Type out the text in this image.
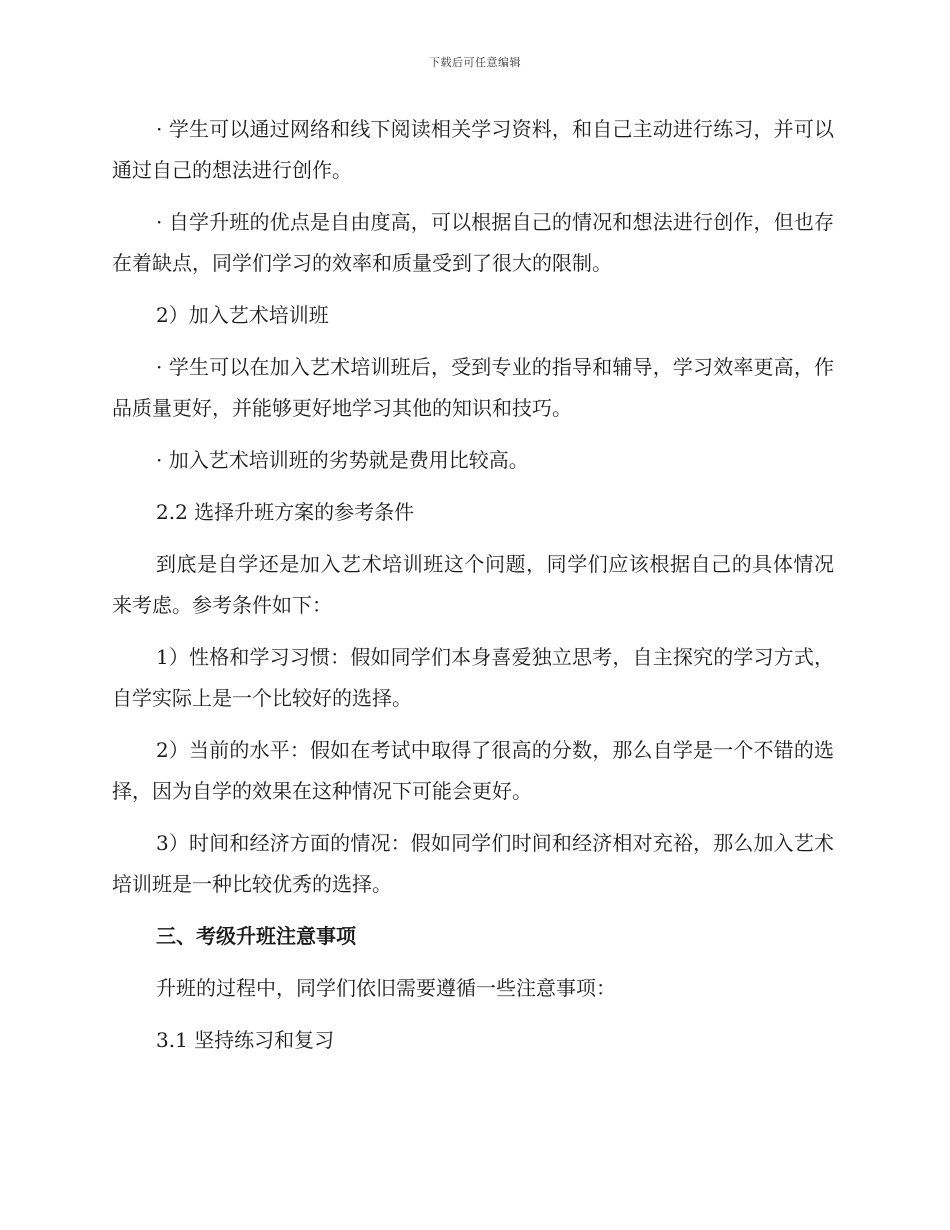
下载后可任意编辑

· 学生可以通过网络和线下阅读相关学习资料，和自己主动进行练习，并可以通过自己的想法进行创作。

· 自学升班的优点是自由度高，可以根据自己的情况和想法进行创作，但也存在着缺点，同学们学习的效率和质量受到了很大的限制。

2）加入艺术培训班

· 学生可以在加入艺术培训班后，受到专业的指导和辅导，学习效率更高，作品质量更好，并能够更好地学习其他的知识和技巧。

· 加入艺术培训班的劣势就是费用比较高。

2.2 选择升班方案的参考条件

到底是自学还是加入艺术培训班这个问题，同学们应该根据自己的具体情况来考虑。参考条件如下：

1）性格和学习习惯：假如同学们本身喜爱独立思考，自主探究的学习方式，自学实际上是一个比较好的选择。

2）当前的水平：假如在考试中取得了很高的分数，那么自学是一个不错的选择，因为自学的效果在这种情况下可能会更好。

3）时间和经济方面的情况：假如同学们时间和经济相对充裕，那么加入艺术培训班是一种比较优秀的选择。

三、考级升班注意事项

升班的过程中，同学们依旧需要遵循一些注意事项：

3.1 坚持练习和复习
